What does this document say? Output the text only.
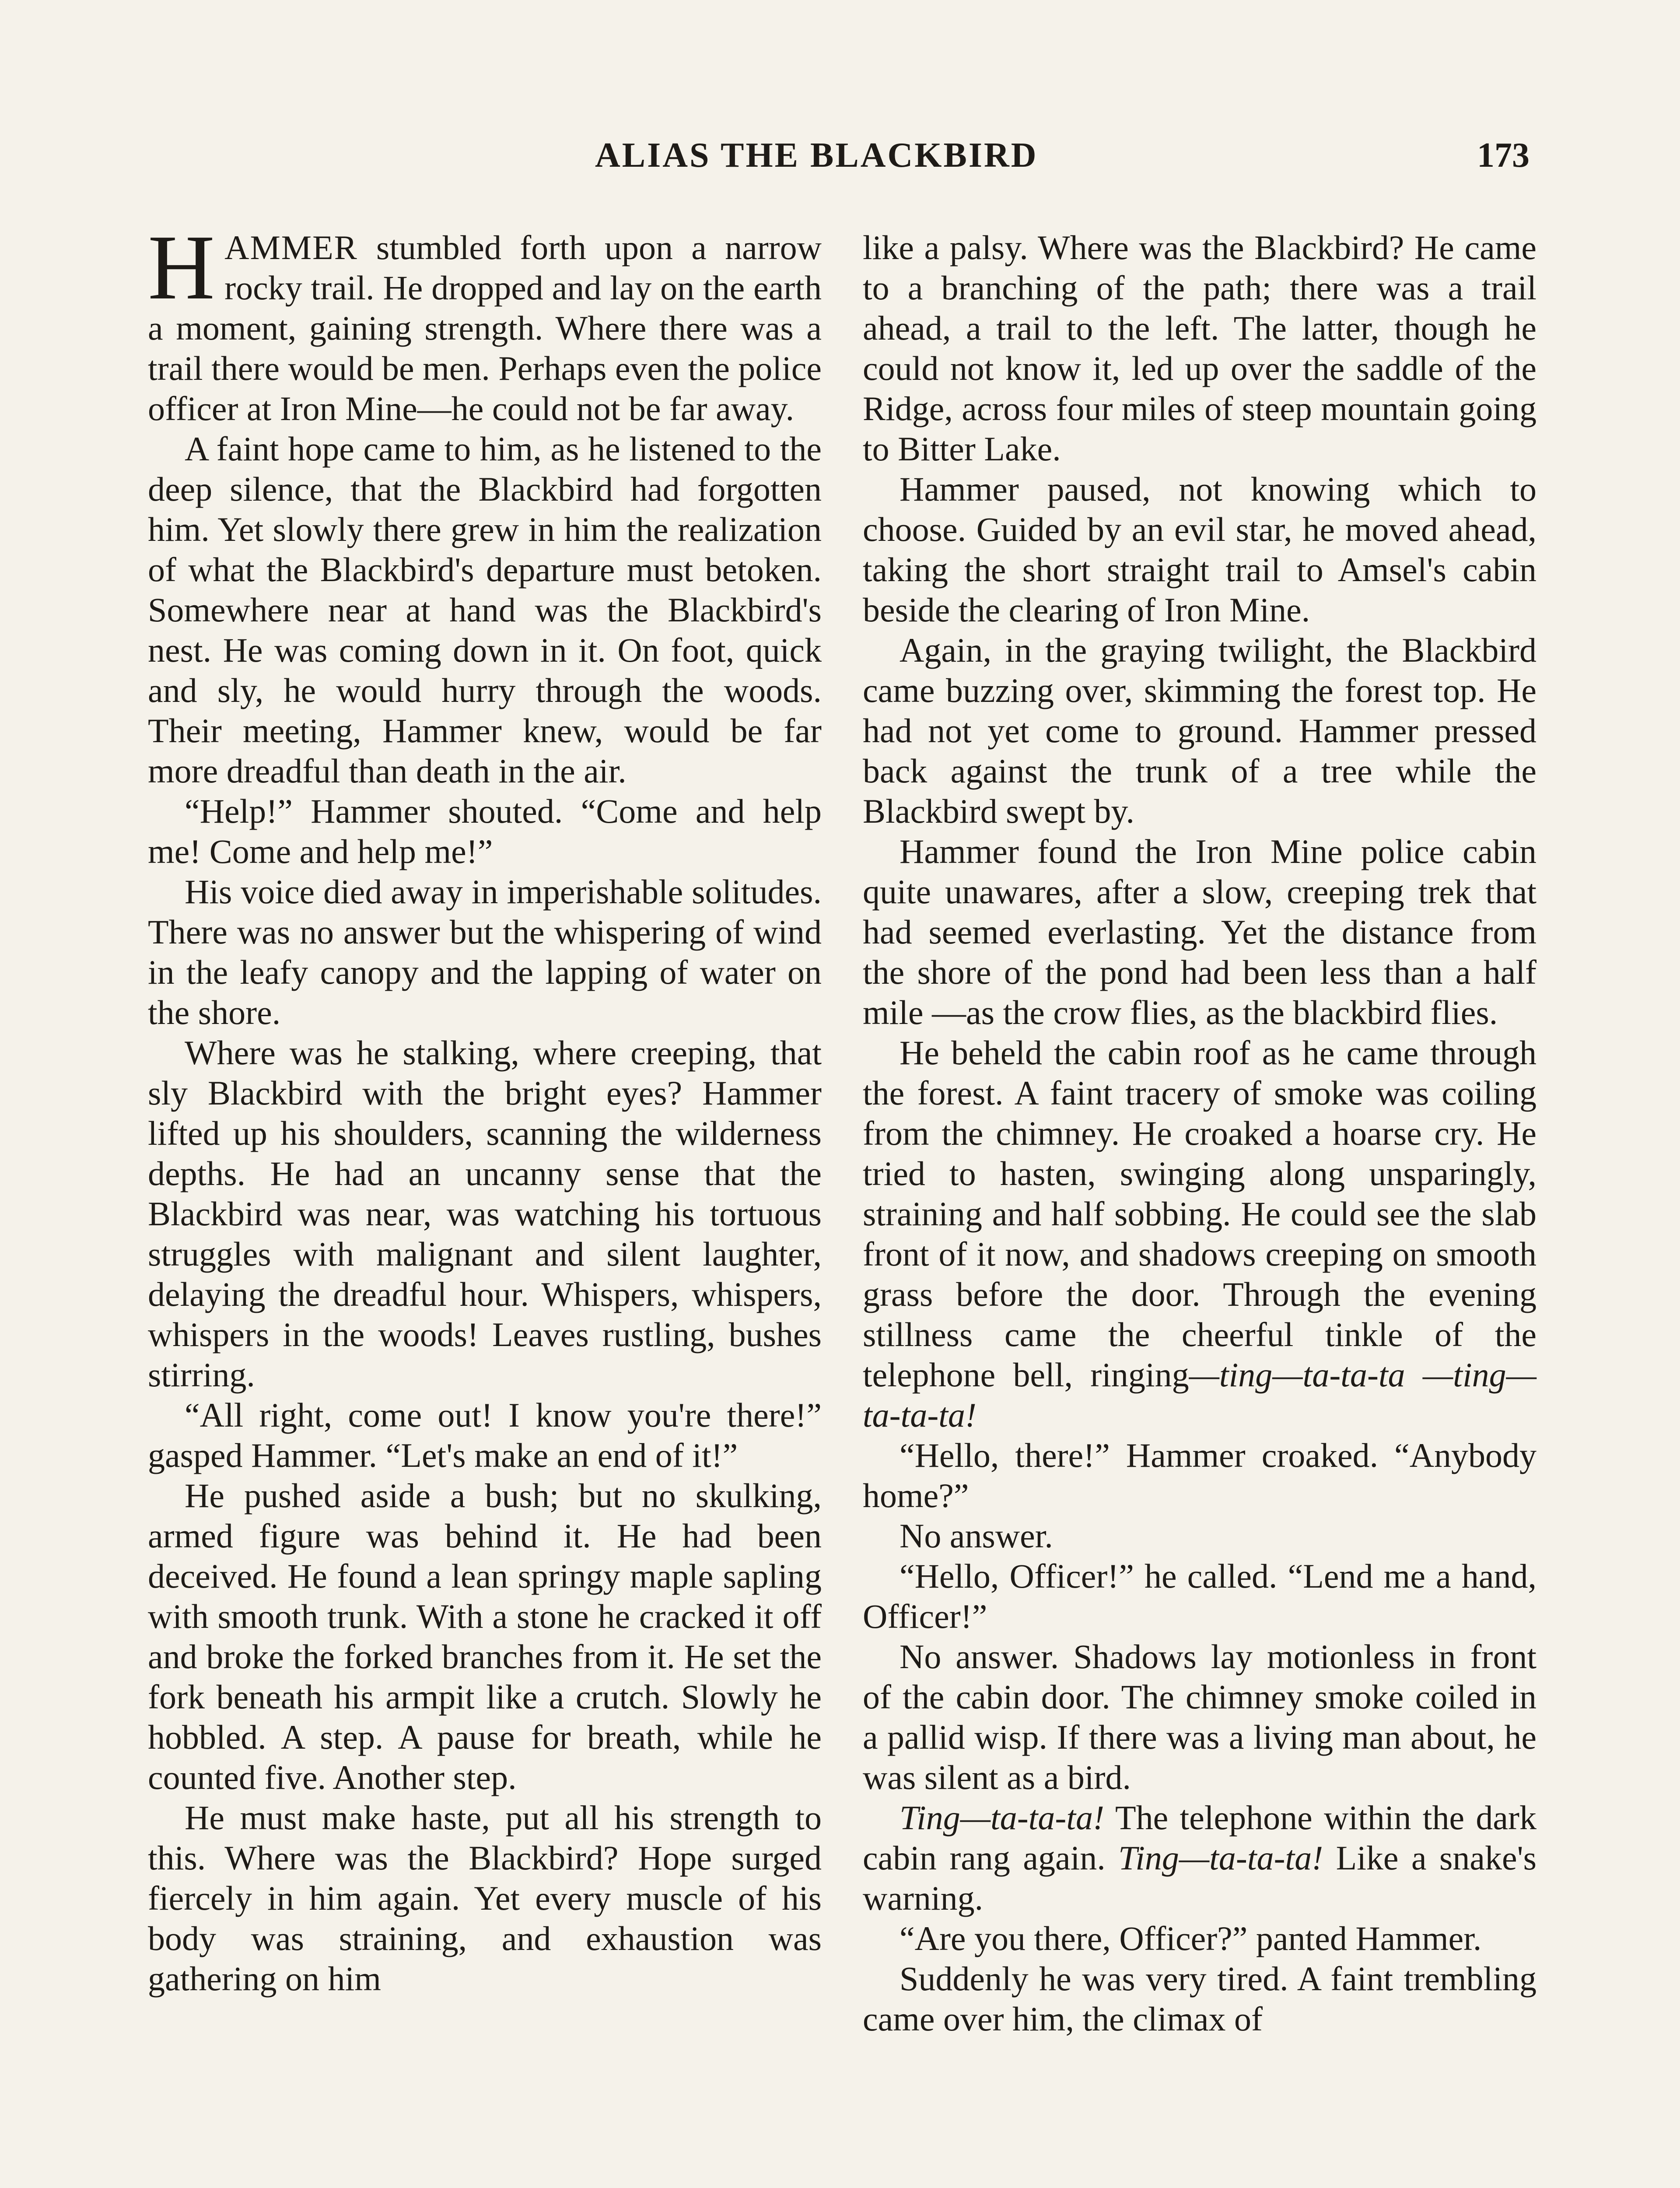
ALIAS THE BLACKBIRD	173

HAMMER stumbled forth upon a narrow rocky trail. He dropped and lay on the earth a moment, gaining strength. Where there was a trail there would be men. Perhaps even the police officer at Iron Mine—he could not be far away.

A faint hope came to him, as he listened to the deep silence, that the Blackbird had forgotten him. Yet slowly there grew in him the realization of what the Blackbird's departure must betoken. Somewhere near at hand was the Blackbird's nest. He was coming down in it. On foot, quick and sly, he would hurry through the woods. Their meeting, Hammer knew, would be far more dreadful than death in the air.

“Help!” Hammer shouted. “Come and help me! Come and help me!”

His voice died away in imperishable solitudes. There was no answer but the whispering of wind in the leafy canopy and the lapping of water on the shore.

Where was he stalking, where creeping, that sly Blackbird with the bright eyes? Hammer lifted up his shoulders, scanning the wilderness depths. He had an uncanny sense that the Blackbird was near, was watching his tortuous struggles with malignant and silent laughter, delaying the dreadful hour. Whispers, whispers, whispers in the woods! Leaves rustling, bushes stirring.

“All right, come out! I know you're there!” gasped Hammer. “Let's make an end of it!”

He pushed aside a bush; but no skulking, armed figure was behind it. He had been deceived. He found a lean springy maple sapling with smooth trunk. With a stone he cracked it off and broke the forked branches from it. He set the fork beneath his armpit like a crutch. Slowly he hobbled. A step. A pause for breath, while he counted five. Another step.

He must make haste, put all his strength to this. Where was the Blackbird? Hope surged fiercely in him again. Yet every muscle of his body was straining, and exhaustion was gathering on him

like a palsy. Where was the Blackbird? He came to a branching of the path; there was a trail ahead, a trail to the left. The latter, though he could not know it, led up over the saddle of the Ridge, across four miles of steep mountain going to Bitter Lake.

Hammer paused, not knowing which to choose. Guided by an evil star, he moved ahead, taking the short straight trail to Amsel's cabin beside the clearing of Iron Mine.

Again, in the graying twilight, the Blackbird came buzzing over, skimming the forest top. He had not yet come to ground. Hammer pressed back against the trunk of a tree while the Blackbird swept by.

Hammer found the Iron Mine police cabin quite unawares, after a slow, creeping trek that had seemed everlasting. Yet the distance from the shore of the pond had been less than a half mile —as the crow flies, as the blackbird flies.

He beheld the cabin roof as he came through the forest. A faint tracery of smoke was coiling from the chimney. He croaked a hoarse cry. He tried to hasten, swinging along unsparingly, straining and half sobbing. He could see the slab front of it now, and shadows creeping on smooth grass before the door. Through the evening stillness came the cheerful tinkle of the telephone bell, ringing—ting—ta-ta-ta —ting—ta-ta-ta!

“Hello, there!” Hammer croaked. “Anybody home?”

No answer.

“Hello, Officer!” he called. “Lend me a hand, Officer!”

No answer. Shadows lay motionless in front of the cabin door. The chimney smoke coiled in a pallid wisp. If there was a living man about, he was silent as a bird.

Ting—ta-ta-ta! The telephone within the dark cabin rang again. Ting—ta-ta-ta! Like a snake's warning.

“Are you there, Officer?” panted Hammer.

Suddenly he was very tired. A faint trembling came over him, the climax of
